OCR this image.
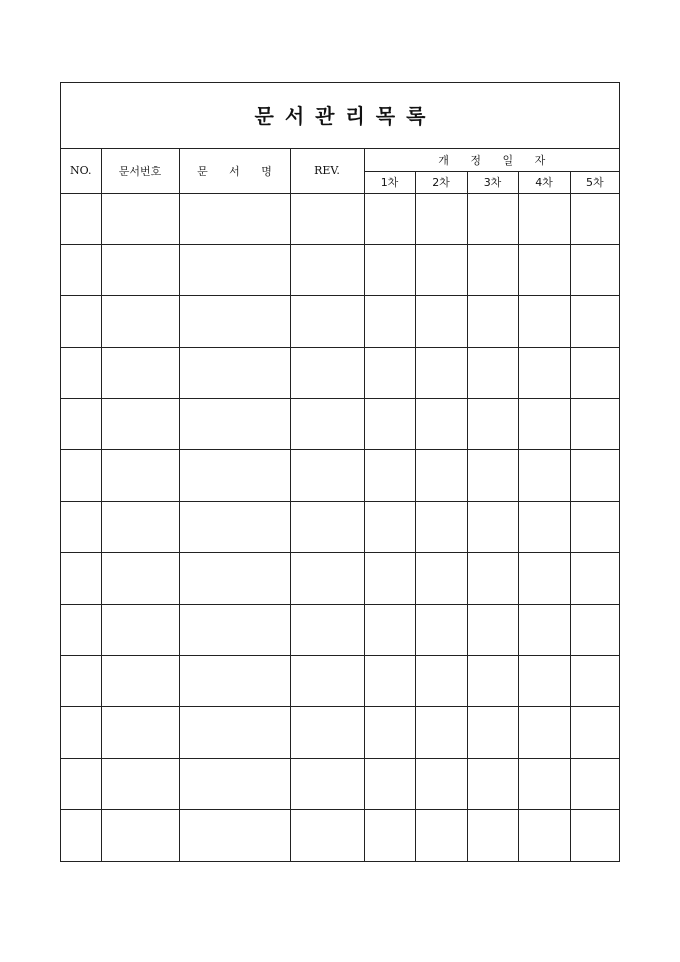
문서관리목록
NO.	문서번호	문 서 명	REV.	개 정 일 자				
				1차	2차	3차	4차	5차
